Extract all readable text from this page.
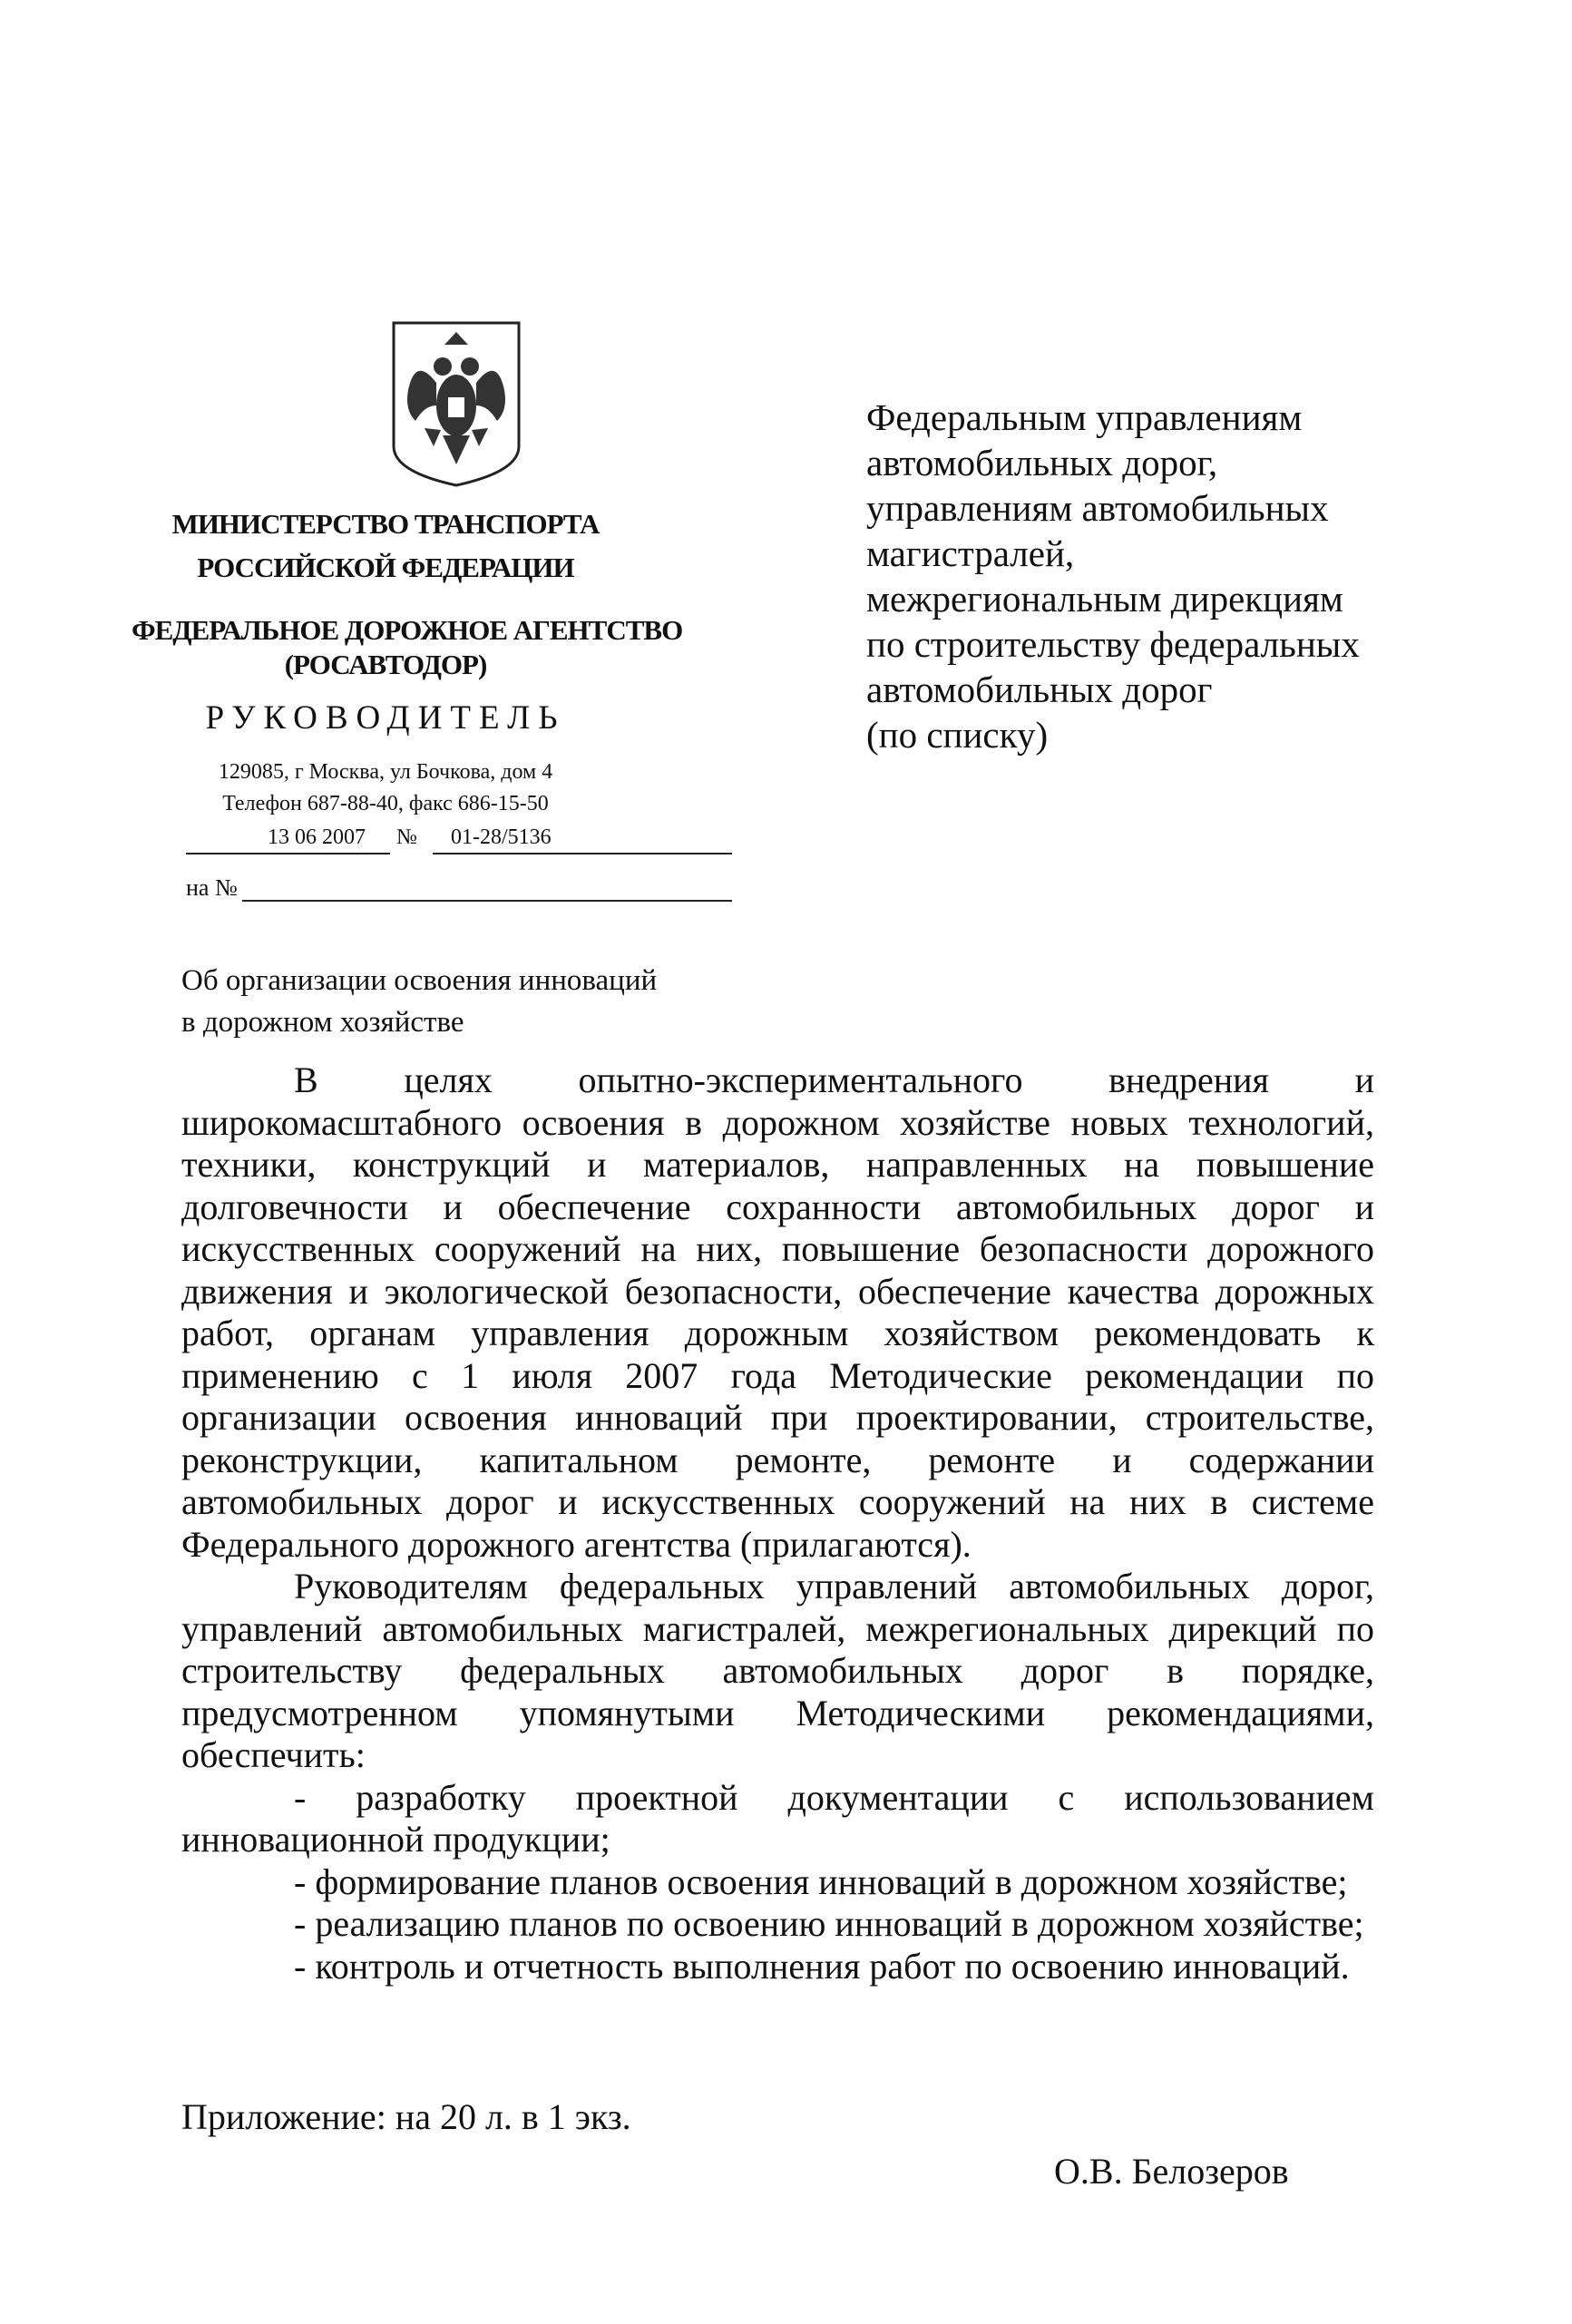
МИНИСТЕРСТВО ТРАНСПОРТА
РОССИЙСКОЙ ФЕДЕРАЦИИ
ФЕДЕРАЛЬНОЕ ДОРОЖНОЕ АГЕНТСТВО
(РОСАВТОДОР)
РУКОВОДИТЕЛЬ
129085, г Москва, ул Бочкова, дом 4
Телефон 687-88-40, факс 686-15-50
13 06 2007 № 01-28/5136
на №
Федеральным управлениям
автомобильных дорог,
управлениям автомобильных
магистралей,
межрегиональным дирекциям
по строительству федеральных
автомобильных дорог
(по списку)
Об организации освоения инноваций
в дорожном хозяйстве

В целях опытно-экспериментального внедрения и широкомасштабного освоения в дорожном хозяйстве новых технологий, техники, конструкций и материалов, направленных на повышение долговечности и обеспечение сохранности автомобильных дорог и искусственных сооружений на них, повышение безопасности дорожного движения и экологической безопасности, обеспечение качества дорожных работ, органам управления дорожным хозяйством рекомендовать к применению с 1 июля 2007 года Методические рекомендации по организации освоения инноваций при проектировании, строительстве, реконструкции, капитальном ремонте, ремонте и содержании автомобильных дорог и искусственных сооружений на них в системе Федерального дорожного агентства (прилагаются).

Руководителям федеральных управлений автомобильных дорог, управлений автомобильных магистралей, межрегиональных дирекций по строительству федеральных автомобильных дорог в порядке, предусмотренном упомянутыми Методическими рекомендациями, обеспечить:

- разработку проектной документации с использованием инновационной продукции;

- формирование планов освоения инноваций в дорожном хозяйстве;

- реализацию планов по освоению инноваций в дорожном хозяйстве;

- контроль и отчетность выполнения работ по освоению инноваций.

Приложение: на 20 л. в 1 экз.
О.В. Белозеров
